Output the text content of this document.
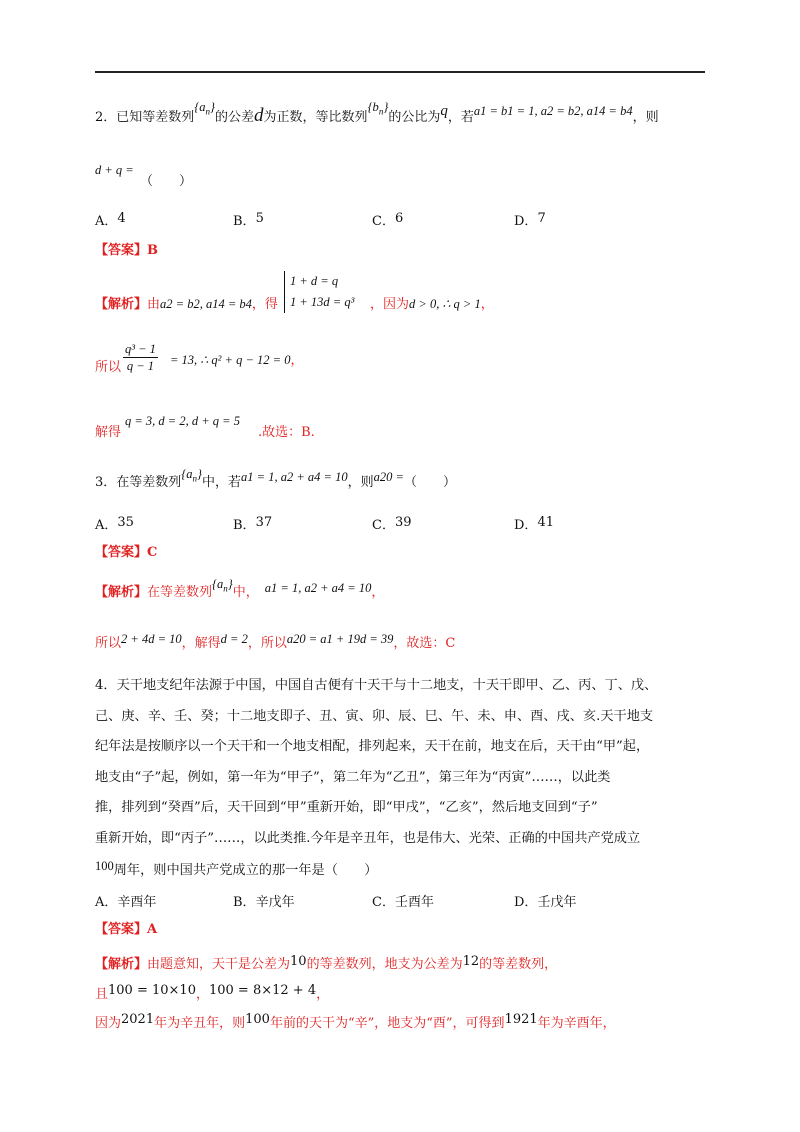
2．已知等差数列$\{a_n\}$的公差d为正数，等比数列$\{b_n\}$的公比为q，若a1 = b1 = 1, a2 = b2, a14 = b4，则
d + q =
（　　）
A．4	B．5	C．6	D．7
【答案】B
【解析】由a2 = b2, a14 = b4，得
1 + d = q
1 + 13d = q³ ，因为d > 0, ∴ q > 1，
所以
q³ − 1
q − 1	= 13, ∴ q² + q − 12 = 0，
解得
q = 3, d = 2, d + q = 5
.故选：B.
3．在等差数列$\{a_n\}$中，若a1 = 1, a2 + a4 = 10，则a20 =（　　）
A．35	B．37	C．39	D．41
【答案】C
【解析】在等差数列$\{a_n\}$中， a1 = 1, a2 + a4 = 10，
所以2 + 4d = 10，解得d = 2，所以a20 = a1 + 19d = 39，故选：C
4．天干地支纪年法源于中国，中国自古便有十天干与十二地支，十天干即甲、乙、丙、丁、戊、
己、庚、辛、壬、癸；十二地支即子、丑、寅、卯、辰、巳、午、未、申、酉、戌、亥.天干地支
纪年法是按顺序以一个天干和一个地支相配，排列起来，天干在前，地支在后，天干由“甲”起，
地支由“子”起，例如，第一年为“甲子”，第二年为“乙丑”，第三年为“丙寅”……，以此类
推，排列到“癸酉”后，天干回到“甲”重新开始，即“甲戌”，“乙亥”，然后地支回到“子”
重新开始，即“丙子”……，以此类推.今年是辛丑年，也是伟大、光荣、正确的中国共产党成立
100周年，则中国共产党成立的那一年是（　　）
A．辛酉年	B．辛戊年	C．壬酉年	D．壬戊年
【答案】A
【解析】由题意知，天干是公差为10的等差数列，地支为公差为12的等差数列，
且100 = 10×10，100 = 8×12 + 4，
因为2021年为辛丑年，则100年前的天干为“辛”，地支为“酉”，可得到1921年为辛酉年，
